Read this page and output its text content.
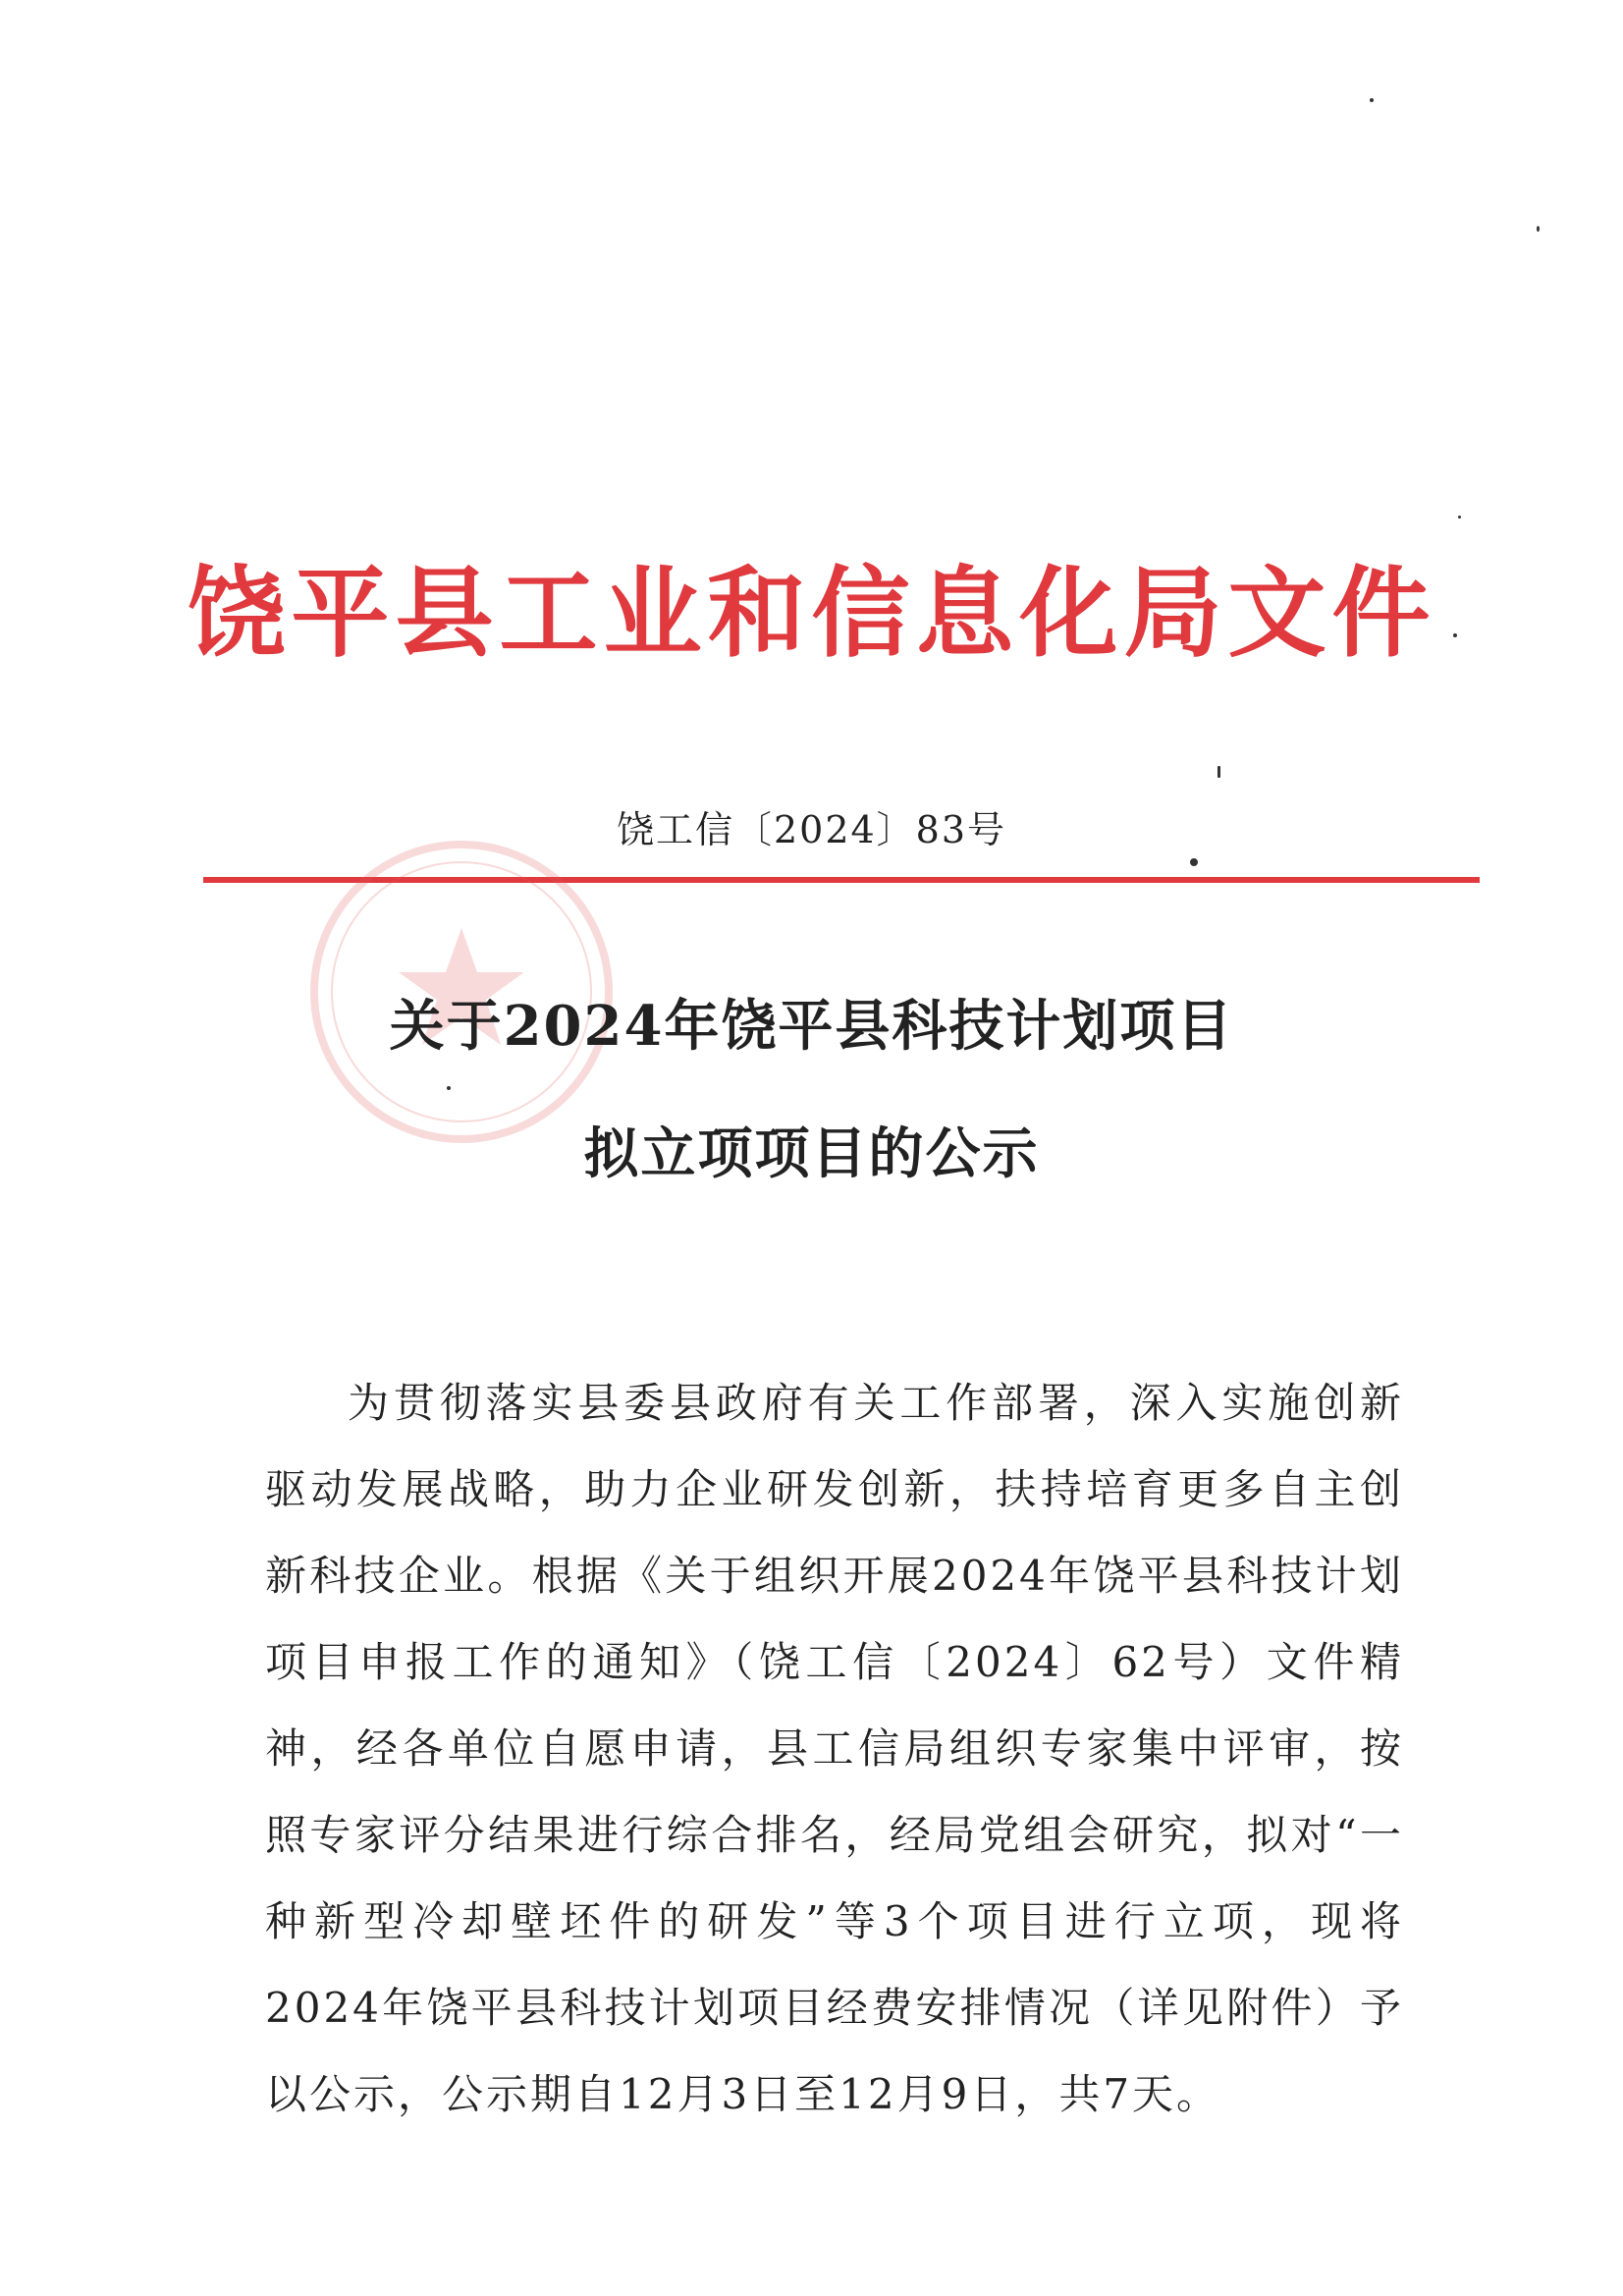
饶平县工业和信息化局文件
饶工信〔2024〕83号
关于2024年饶平县科技计划项目
拟立项项目的公示

为贯彻落实县委县政府有关工作部署，深入实施创新驱动发展战略，助力企业研发创新，扶持培育更多自主创新科技企业。根据《关于组织开展2024年饶平县科技计划项目申报工作的通知》（饶工信〔2024〕62号）文件精神，经各单位自愿申请，县工信局组织专家集中评审，按照专家评分结果进行综合排名，经局党组会研究，拟对“一种新型冷却壁坯件的研发”等3个项目进行立项，现将2024年饶平县科技计划项目经费安排情况（详见附件）予以公示，公示期自12月3日至12月9日，共7天。
